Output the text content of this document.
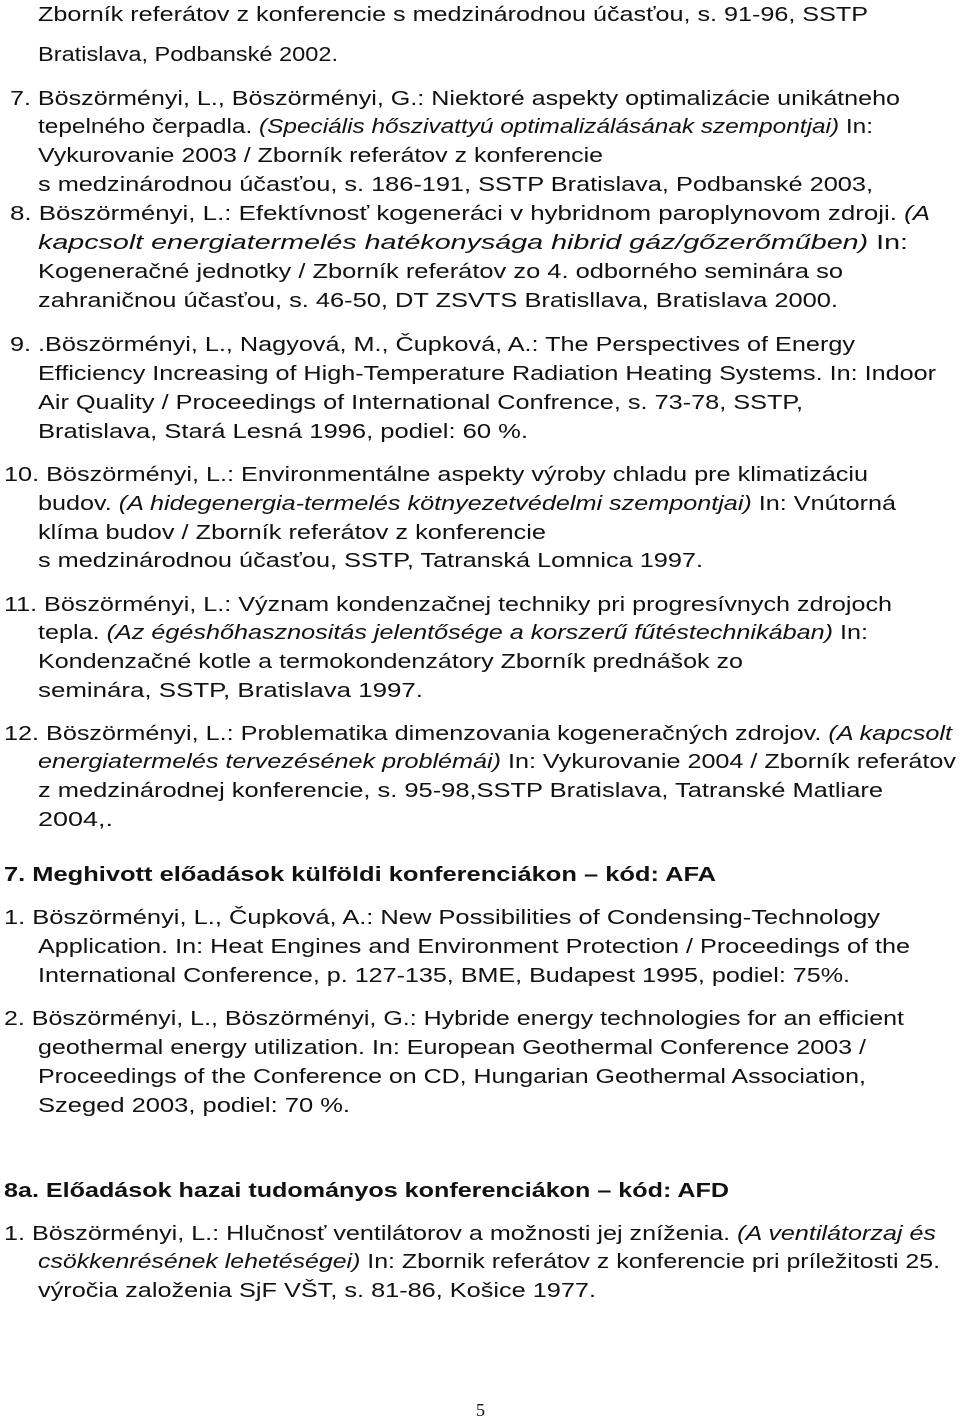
Zborník referátov z konferencie s medzinárodnou účasťou, s. 91-96, SSTP
Bratislava, Podbanské 2002.
7. Böszörményi, L., Böszörményi, G.: Niektoré aspekty optimalizácie unikátneho
tepelného čerpadla. (Speciális hőszivattyú optimalizálásának szempontjai) In:
Vykurovanie 2003 / Zborník referátov z konferencie
s medzinárodnou účasťou, s. 186-191, SSTP Bratislava, Podbanské 2003,
8. Böszörményi, L.: Efektívnosť kogeneráci v hybridnom paroplynovom zdroji. (A
kapcsolt energiatermelés hatékonysága hibrid gáz/gőzerőműben) In:
Kogeneračné jednotky / Zborník referátov zo 4. odborného seminára so
zahraničnou účasťou, s. 46-50, DT ZSVTS Bratisllava, Bratislava 2000.
9. .Böszörményi, L., Nagyová, M., Čupková, A.: The Perspectives of Energy
Efficiency Increasing of High-Temperature Radiation Heating Systems. In: Indoor
Air Quality / Proceedings of International Confrence, s. 73-78, SSTP,
Bratislava, Stará Lesná 1996, podiel: 60 %.
10. Böszörményi, L.: Environmentálne aspekty výroby chladu pre klimatizáciu
budov. (A hidegenergia-termelés kötnyezetvédelmi szempontjai) In: Vnútorná
klíma budov / Zborník referátov z konferencie
s medzinárodnou účasťou, SSTP, Tatranská Lomnica 1997.
11. Böszörményi, L.: Význam kondenzačnej techniky pri progresívnych zdrojoch
tepla. (Az égéshőhasznositás jelentősége a korszerű fűtéstechnikában) In:
Kondenzačné kotle a termokondenzátory Zborník prednášok zo
seminára, SSTP, Bratislava 1997.
12. Böszörményi, L.: Problematika dimenzovania kogeneračných zdrojov. (A kapcsolt
energiatermelés tervezésének problémái) In: Vykurovanie 2004 / Zborník referátov
z medzinárodnej konferencie, s. 95-98,SSTP Bratislava, Tatranské Matliare
2004,.
7. Meghivott előadások külföldi konferenciákon – kód: AFA
1. Böszörményi, L., Čupková, A.: New Possibilities of Condensing-Technology
Application. In: Heat Engines and Environment Protection / Proceedings of the
International Conference, p. 127-135, BME, Budapest 1995, podiel: 75%.
2. Böszörményi, L., Böszörményi, G.: Hybride energy technologies for an efficient
geothermal energy utilization. In: European Geothermal Conference 2003 /
Proceedings of the Conference on CD, Hungarian Geothermal Association,
Szeged 2003, podiel: 70 %.
8a. Előadások hazai tudományos konferenciákon – kód: AFD
1. Böszörményi, L.: Hlučnosť ventilátorov a možnosti jej zníženia. (A ventilátorzaj és
csökkenrésének lehetéségei) In: Zbornik referátov z konferencie pri príležitosti 25.
výročia založenia SjF VŠT, s. 81-86, Košice 1977.
5
